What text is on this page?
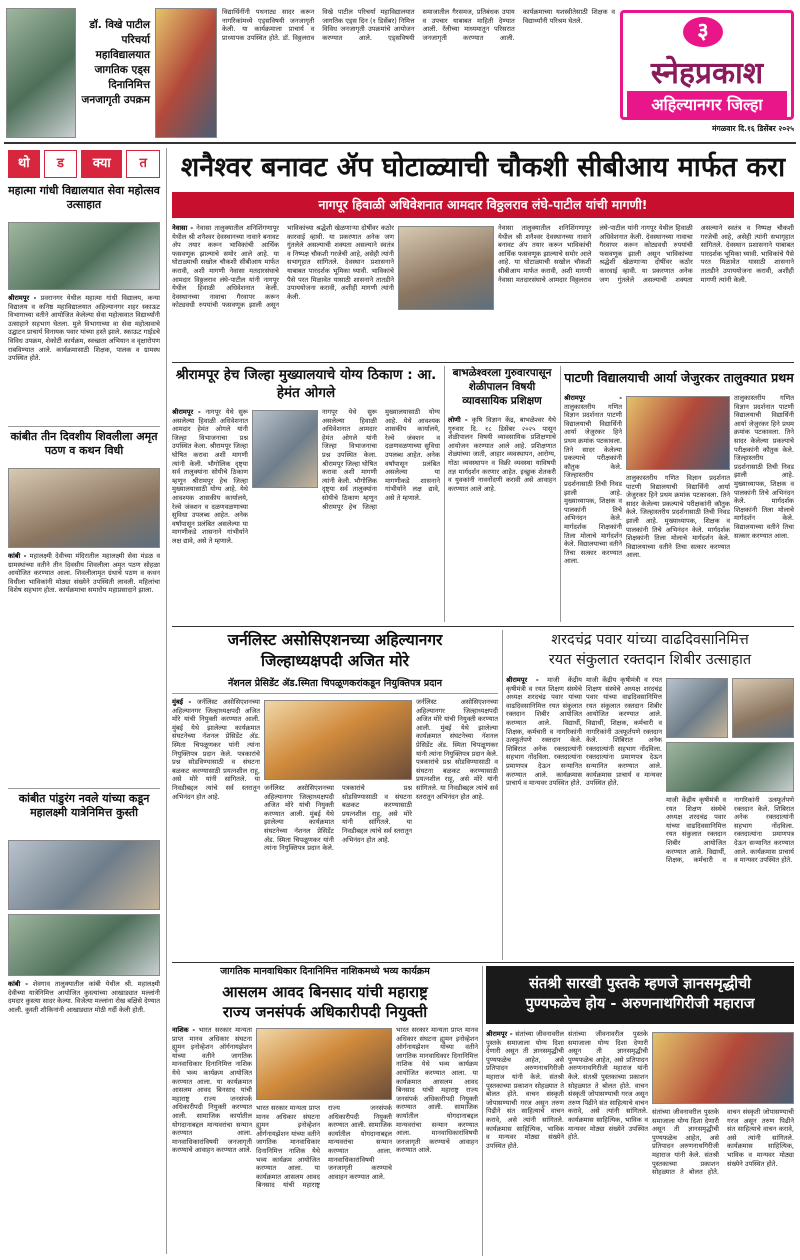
डॉ. विखे पाटील परिचर्या महाविद्यालयात जागतिक एड्स दिनानिमित्त जनजागृती उपक्रम
विद्यार्थिनींनी पथनाट्य सादर करून नागरिकांमध्ये एड्सविषयी जनजागृती केली. या कार्यक्रमाला प्राचार्य व प्राध्यापक उपस्थित होते. डॉ. विठ्ठलराव विखे पाटील परिचर्या महाविद्यालयात जागतिक एड्स दिन (१ डिसेंबर) निमित्त विविध जनजागृती उपक्रमांचे आयोजन करण्यात आले. एड्सविषयी समाजातील गैरसमज, प्रतिबंधक उपाय व उपचार याबाबत माहिती देण्यात आली. रॅलीच्या माध्यमातून परिसरात जनजागृती करण्यात आली. कार्यक्रमाच्या यशस्वीतेसाठी शिक्षक व विद्यार्थ्यांनी परिश्रम घेतले.	३
स्नेहप्रकाश
अहिल्यानगर जिल्हा
मंगळवार दि.१६ डिसेंबर २०२५
थो	ड	क्या	त
महात्मा गांधी विद्यालयात सेवा महोत्सव उत्साहात
श्रीरामपूर - प्रवरानगर येथील महात्मा गांधी विद्यालय, कन्या विद्यालय व कनिष्ठ महाविद्यालयात अहिल्यानगर शहर स्काऊट विभागाच्या वतीने आयोजित केलेल्या सेवा महोत्सवात विद्यार्थ्यांनी उत्साहाने सहभाग घेतला. मुले विभागाच्या वा सेवा महोत्सवाचे उद्घाटन प्राचार्य विनायक पवार यांच्या हस्ते झाले. स्काऊट गाईडचे विविध उपक्रम, शेकोटी कार्यक्रम, स्वच्छता अभियान व वृक्षारोपण राबविण्यात आले. कार्यक्रमासाठी शिक्षक, पालक व ग्रामस्थ उपस्थित होते.
कांबीत तीन दिवशीय शिवलीला अमृत पठण व कथन विधी
कांबी - महालक्ष्मी देवीच्या मंदिरातील महालक्ष्मी सेवा मंडळ व ग्रामस्थांच्या वतीने तीन दिवसीय शिवलीला अमृत पठण सोहळा आयोजित करण्यात आला. शिवलीलामृत ग्रंथाचे पठण व कथन विधीला भाविकांनी मोठ्या संख्येने उपस्थिती लावली. महिलांचा विशेष सहभाग होता. कार्यक्रमाचा समारोप महाप्रसादाने झाला.
कांबीत पांडुरंग नवले यांच्या कडून महालक्ष्मी यात्रेनिमित्त कुस्ती
कांबी - शेवगाव तालुक्यातील कांबी येथील श्री. महालक्ष्मी देवीच्या यात्रेनिमित्त आयोजित कुस्त्यांच्या आखाड्यात मल्लांनी दमदार कुस्त्या सादर केल्या. विजेत्या मल्लांना रोख बक्षिसे देण्यात आली. कुस्ती शौकिनांनी आखाड्यात मोठी गर्दी केली होती.
शनैश्वर बनावट ॲप घोटाळ्याची चौकशी सीबीआय मार्फत करा
नागपूर हिवाळी अधिवेशनात आमदार विठ्ठलराव लंघे-पाटील यांची मागणी!
नेवासा - नेवासा तालुक्यातील शनिशिंगणापूर येथील श्री शनैश्वर देवस्थानच्या नावाने बनावट ॲप तयार करून भाविकांची आर्थिक फसवणूक झाल्याचे समोर आले आहे. या घोटाळ्याची सखोल चौकशी सीबीआय मार्फत करावी, अशी मागणी नेवासा मतदारसंघाचे आमदार विठ्ठलराव लंघे-पाटील यांनी नागपूर येथील हिवाळी अधिवेशनात केली. देवस्थानच्या नावाचा गैरवापर करून कोट्यवधी रुपयांची फसवणूक झाली असून भाविकांच्या श्रद्धेशी खेळणाऱ्या दोषींवर कठोर कारवाई व्हावी. या प्रकरणात अनेक जण गुंतलेले असल्याची शक्यता असल्याने स्वतंत्र व निष्पक्ष चौकशी गरजेची आहे, असेही त्यांनी सभागृहात सांगितले. देवस्थान प्रशासनाने याबाबत पारदर्शक भूमिका घ्यावी. भाविकांचे पैसे परत मिळावेत यासाठी शासनाने तातडीने उपाययोजना करावी, अशीही मागणी त्यांनी केली.
नेवासा तालुक्यातील शनिशिंगणापूर येथील श्री शनैश्वर देवस्थानच्या नावाने बनावट ॲप तयार करून भाविकांची आर्थिक फसवणूक झाल्याचे समोर आले आहे. या घोटाळ्याची सखोल चौकशी सीबीआय मार्फत करावी, अशी मागणी नेवासा मतदारसंघाचे आमदार विठ्ठलराव लंघे-पाटील यांनी नागपूर येथील हिवाळी अधिवेशनात केली. देवस्थानच्या नावाचा गैरवापर करून कोट्यवधी रुपयांची फसवणूक झाली असून भाविकांच्या श्रद्धेशी खेळणाऱ्या दोषींवर कठोर कारवाई व्हावी. या प्रकरणात अनेक जण गुंतलेले असल्याची शक्यता असल्याने स्वतंत्र व निष्पक्ष चौकशी गरजेची आहे, असेही त्यांनी सभागृहात सांगितले. देवस्थान प्रशासनाने याबाबत पारदर्शक भूमिका घ्यावी. भाविकांचे पैसे परत मिळावेत यासाठी शासनाने तातडीने उपाययोजना करावी, अशीही मागणी त्यांनी केली.
श्रीरामपूर हेच जिल्हा मुख्यालयाचे योग्य ठिकाण : आ. हेमंत ओगले
श्रीरामपूर - नागपूर येथे सुरू असलेल्या हिवाळी अधिवेशनात आमदार हेमंत ओगले यांनी जिल्हा विभाजनाचा प्रश्न उपस्थित केला. श्रीरामपूर जिल्हा घोषित करावा अशी मागणी त्यांनी केली. भौगोलिक दृष्ट्या सर्व तालुक्यांना सोयीचे ठिकाण म्हणून श्रीरामपूर हेच जिल्हा मुख्यालयासाठी योग्य आहे. येथे आवश्यक शासकीय कार्यालये, रेल्वे जंक्शन व दळणवळणाच्या सुविधा उपलब्ध आहेत. अनेक वर्षांपासून प्रलंबित असलेल्या या मागणीकडे शासनाने गांभीर्याने लक्ष द्यावे, असे ते म्हणाले.
नागपूर येथे सुरू असलेल्या हिवाळी अधिवेशनात आमदार हेमंत ओगले यांनी जिल्हा विभाजनाचा प्रश्न उपस्थित केला. श्रीरामपूर जिल्हा घोषित करावा अशी मागणी त्यांनी केली. भौगोलिक दृष्ट्या सर्व तालुक्यांना सोयीचे ठिकाण म्हणून श्रीरामपूर हेच जिल्हा मुख्यालयासाठी योग्य आहे. येथे आवश्यक शासकीय कार्यालये, रेल्वे जंक्शन व दळणवळणाच्या सुविधा उपलब्ध आहेत. अनेक वर्षांपासून प्रलंबित असलेल्या या मागणीकडे शासनाने गांभीर्याने लक्ष द्यावे, असे ते म्हणाले.
बाभळेश्वरला गुरुवारपासून शेळीपालन विषयी व्यावसायिक प्रशिक्षण
लोणी - कृषि विज्ञान केंद्र, बाभळेश्वर येथे गुरुवार दि. १८ डिसेंबर २०२५ पासून शेळीपालन विषयी व्यावसायिक प्रशिक्षणाचे आयोजन करण्यात आले आहे. प्रशिक्षणात शेळ्यांच्या जाती, आहार व्यवस्थापन, आरोग्य, गोठा व्यवस्थापन व विक्री व्यवस्था याविषयी तज्ञ मार्गदर्शन करणार आहेत. इच्छुक शेतकरी व युवकांनी नावनोंदणी करावी असे आवाहन करण्यात आले आहे.
पाटणी विद्यालयाची आर्या जेजुरकर तालुक्यात प्रथम
श्रीरामपूर - तालुकास्तरीय गणित विज्ञान प्रदर्शनात पाटणी विद्यालयाची विद्यार्थिनी आर्या जेजुरकर हिने प्रथम क्रमांक पटकावला. तिने सादर केलेल्या प्रकल्पाचे परीक्षकांनी कौतुक केले. जिल्हास्तरीय प्रदर्शनासाठी तिची निवड झाली आहे. मुख्याध्यापक, शिक्षक व पालकांनी तिचे अभिनंदन केले. मार्गदर्शक शिक्षकांनी तिला मोलाचे मार्गदर्शन केले. विद्यालयाच्या वतीने तिचा सत्कार करण्यात आला.
तालुकास्तरीय गणित विज्ञान प्रदर्शनात पाटणी विद्यालयाची विद्यार्थिनी आर्या जेजुरकर हिने प्रथम क्रमांक पटकावला. तिने सादर केलेल्या प्रकल्पाचे परीक्षकांनी कौतुक केले. जिल्हास्तरीय प्रदर्शनासाठी तिची निवड झाली आहे. मुख्याध्यापक, शिक्षक व पालकांनी तिचे अभिनंदन केले. मार्गदर्शक शिक्षकांनी तिला मोलाचे मार्गदर्शन केले. विद्यालयाच्या वतीने तिचा सत्कार करण्यात आला.
तालुकास्तरीय गणित विज्ञान प्रदर्शनात पाटणी विद्यालयाची विद्यार्थिनी आर्या जेजुरकर हिने प्रथम क्रमांक पटकावला. तिने सादर केलेल्या प्रकल्पाचे परीक्षकांनी कौतुक केले. जिल्हास्तरीय प्रदर्शनासाठी तिची निवड झाली आहे. मुख्याध्यापक, शिक्षक व पालकांनी तिचे अभिनंदन केले. मार्गदर्शक शिक्षकांनी तिला मोलाचे मार्गदर्शन केले. विद्यालयाच्या वतीने तिचा सत्कार करण्यात आला.
जर्नलिस्ट असोसिएशनच्या अहिल्यानगर
जिल्हाध्यक्षपदी अजित मोरे
नॅशनल प्रेसिडेंट ॲड.स्मिता चिपळूणकरांकडून नियुक्तिपत्र प्रदान
मुंबई - जर्नलिस्ट असोसिएशनच्या अहिल्यानगर जिल्हाध्यक्षपदी अजित मोरे यांची नियुक्ती करण्यात आली. मुंबई येथे झालेल्या कार्यक्रमात संघटनेच्या नॅशनल प्रेसिडेंट ॲड. स्मिता चिपळूणकर यांनी त्यांना नियुक्तिपत्र प्रदान केले. पत्रकारांचे प्रश्न सोडविण्यासाठी व संघटना बळकट करण्यासाठी प्रयत्नशील राहू, असे मोरे यांनी सांगितले. या निवडीबद्दल त्यांचे सर्व स्तरातून अभिनंदन होत आहे.
जर्नलिस्ट असोसिएशनच्या अहिल्यानगर जिल्हाध्यक्षपदी अजित मोरे यांची नियुक्ती करण्यात आली. मुंबई येथे झालेल्या कार्यक्रमात संघटनेच्या नॅशनल प्रेसिडेंट ॲड. स्मिता चिपळूणकर यांनी त्यांना नियुक्तिपत्र प्रदान केले. पत्रकारांचे प्रश्न सोडविण्यासाठी व संघटना बळकट करण्यासाठी प्रयत्नशील राहू, असे मोरे यांनी सांगितले. या निवडीबद्दल त्यांचे सर्व स्तरातून अभिनंदन होत आहे.
जर्नलिस्ट असोसिएशनच्या अहिल्यानगर जिल्हाध्यक्षपदी अजित मोरे यांची नियुक्ती करण्यात आली. मुंबई येथे झालेल्या कार्यक्रमात संघटनेच्या नॅशनल प्रेसिडेंट ॲड. स्मिता चिपळूणकर यांनी त्यांना नियुक्तिपत्र प्रदान केले. पत्रकारांचे प्रश्न सोडविण्यासाठी व संघटना बळकट करण्यासाठी प्रयत्नशील राहू, असे मोरे यांनी सांगितले. या निवडीबद्दल त्यांचे सर्व स्तरातून अभिनंदन होत आहे.
शरदचंद्र पवार यांच्या वाढदिवसानिमित्त
रयत संकुलात रक्तदान शिबीर उत्साहात
श्रीरामपूर - माजी केंद्रीय कृषीमंत्री व रयत शिक्षण संस्थेचे अध्यक्ष शरदचंद्र पवार यांच्या वाढदिवसानिमित्त रयत संकुलात रक्तदान शिबीर आयोजित करण्यात आले. विद्यार्थी, शिक्षक, कर्मचारी व नागरिकांनी उत्स्फूर्तपणे रक्तदान केले. शिबिरात अनेक रक्तदात्यांनी सहभाग नोंदविला. रक्तदात्यांना प्रमाणपत्र देऊन सन्मानित करण्यात आले. कार्यक्रमास प्राचार्य व मान्यवर उपस्थित होते.
माजी केंद्रीय कृषीमंत्री व रयत शिक्षण संस्थेचे अध्यक्ष शरदचंद्र पवार यांच्या वाढदिवसानिमित्त रयत संकुलात रक्तदान शिबीर आयोजित करण्यात आले. विद्यार्थी, शिक्षक, कर्मचारी व नागरिकांनी उत्स्फूर्तपणे रक्तदान केले. शिबिरात अनेक रक्तदात्यांनी सहभाग नोंदविला. रक्तदात्यांना प्रमाणपत्र देऊन सन्मानित करण्यात आले. कार्यक्रमास प्राचार्य व मान्यवर उपस्थित होते.
माजी केंद्रीय कृषीमंत्री व रयत शिक्षण संस्थेचे अध्यक्ष शरदचंद्र पवार यांच्या वाढदिवसानिमित्त रयत संकुलात रक्तदान शिबीर आयोजित करण्यात आले. विद्यार्थी, शिक्षक, कर्मचारी व नागरिकांनी उत्स्फूर्तपणे रक्तदान केले. शिबिरात अनेक रक्तदात्यांनी सहभाग नोंदविला. रक्तदात्यांना प्रमाणपत्र देऊन सन्मानित करण्यात आले. कार्यक्रमास प्राचार्य व मान्यवर उपस्थित होते.
जागतिक मानवाधिकार दिनानिमित्त नाशिकमध्ये भव्य कार्यक्रम
आसलम आवद बिनसाद यांची महाराष्ट्र
राज्य जनसंपर्क अधिकारीपदी नियुक्ती
नाशिक - भारत सरकार मान्यता प्राप्त मानव अधिकार संघटना ह्युमन इनोव्हेशन ऑर्गनायझेशन यांच्या वतीने जागतिक मानवाधिकार दिनानिमित्त नाशिक येथे भव्य कार्यक्रम आयोजित करण्यात आला. या कार्यक्रमात आसलम आवद बिनसाद यांची महाराष्ट्र राज्य जनसंपर्क अधिकारीपदी नियुक्ती करण्यात आली. सामाजिक कार्यातील योगदानाबद्दल मान्यवरांचा सन्मान करण्यात आला. मानवाधिकारांविषयी जनजागृती करण्याचे आवाहन करण्यात आले.
भारत सरकार मान्यता प्राप्त मानव अधिकार संघटना ह्युमन इनोव्हेशन ऑर्गनायझेशन यांच्या वतीने जागतिक मानवाधिकार दिनानिमित्त नाशिक येथे भव्य कार्यक्रम आयोजित करण्यात आला. या कार्यक्रमात आसलम आवद बिनसाद यांची महाराष्ट्र राज्य जनसंपर्क अधिकारीपदी नियुक्ती करण्यात आली. सामाजिक कार्यातील योगदानाबद्दल मान्यवरांचा सन्मान करण्यात आला. मानवाधिकारांविषयी जनजागृती करण्याचे आवाहन करण्यात आले.
भारत सरकार मान्यता प्राप्त मानव अधिकार संघटना ह्युमन इनोव्हेशन ऑर्गनायझेशन यांच्या वतीने जागतिक मानवाधिकार दिनानिमित्त नाशिक येथे भव्य कार्यक्रम आयोजित करण्यात आला. या कार्यक्रमात आसलम आवद बिनसाद यांची महाराष्ट्र राज्य जनसंपर्क अधिकारीपदी नियुक्ती करण्यात आली. सामाजिक कार्यातील योगदानाबद्दल मान्यवरांचा सन्मान करण्यात आला. मानवाधिकारांविषयी जनजागृती करण्याचे आवाहन करण्यात आले.
संतश्री सारखी पुस्तके म्हणजे ज्ञानसमृद्धीची
पुण्यफळेच होय - अरुणनाथगिरीजी महाराज
श्रीरामपूर - संतांच्या जीवनावरील पुस्तके समाजाला योग्य दिशा देणारी असून ती ज्ञानसमृद्धीची पुण्यफळेच आहेत, असे प्रतिपादन अरुणनाथगिरीजी महाराज यांनी केले. संतश्री पुस्तकाच्या प्रकाशन सोहळ्यात ते बोलत होते. वाचन संस्कृती जोपासण्याची गरज असून तरुण पिढीने संत साहित्याचे वाचन करावे, असे त्यांनी सांगितले. कार्यक्रमास साहित्यिक, भाविक व मान्यवर मोठ्या संख्येने उपस्थित होते.
संतांच्या जीवनावरील पुस्तके समाजाला योग्य दिशा देणारी असून ती ज्ञानसमृद्धीची पुण्यफळेच आहेत, असे प्रतिपादन अरुणनाथगिरीजी महाराज यांनी केले. संतश्री पुस्तकाच्या प्रकाशन सोहळ्यात ते बोलत होते. वाचन संस्कृती जोपासण्याची गरज असून तरुण पिढीने संत साहित्याचे वाचन करावे, असे त्यांनी सांगितले. कार्यक्रमास साहित्यिक, भाविक व मान्यवर मोठ्या संख्येने उपस्थित होते.
संतांच्या जीवनावरील पुस्तके समाजाला योग्य दिशा देणारी असून ती ज्ञानसमृद्धीची पुण्यफळेच आहेत, असे प्रतिपादन अरुणनाथगिरीजी महाराज यांनी केले. संतश्री पुस्तकाच्या प्रकाशन सोहळ्यात ते बोलत होते. वाचन संस्कृती जोपासण्याची गरज असून तरुण पिढीने संत साहित्याचे वाचन करावे, असे त्यांनी सांगितले. कार्यक्रमास साहित्यिक, भाविक व मान्यवर मोठ्या संख्येने उपस्थित होते.
